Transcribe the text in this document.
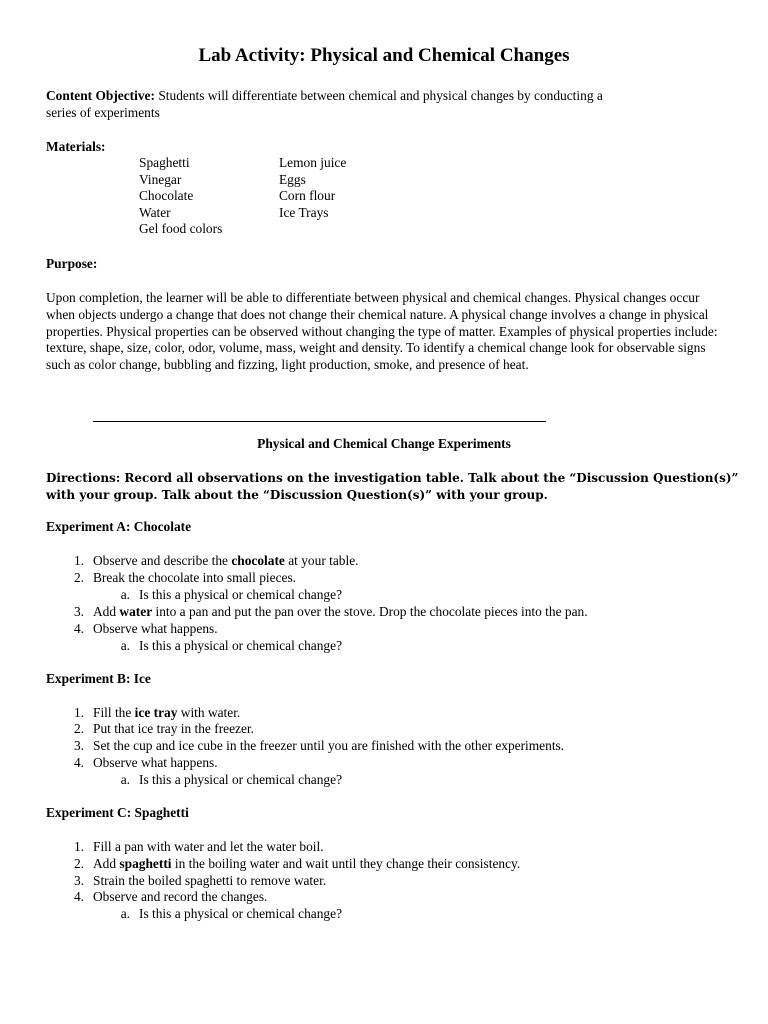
Lab Activity: Physical and Chemical Changes
Content Objective: Students will differentiate between chemical and physical changes by conducting a
series of experiments
Materials:
Spaghetti
Vinegar
Chocolate
Water
Gel food colors
Lemon juice
Eggs
Corn flour
Ice Trays
Purpose:
Upon completion, the learner will be able to differentiate between physical and chemical changes. Physical changes occur when objects undergo a change that does not change their chemical nature. A physical change involves a change in physical properties. Physical properties can be observed without changing the type of matter. Examples of physical properties include: texture, shape, size, color, odor, volume, mass, weight and density. To identify a chemical change look for observable signs such as color change, bubbling and fizzing, light production, smoke, and presence of heat.
Physical and Chemical Change Experiments
Directions: Record all observations on the investigation table. Talk about the “Discussion Question(s)” with your group. Talk about the “Discussion Question(s)” with your group.
Experiment A: Chocolate
1. Observe and describe the chocolate at your table.
2. Break the chocolate into small pieces.
a. Is this a physical or chemical change?
3. Add water into a pan and put the pan over the stove. Drop the chocolate pieces into the pan.
4. Observe what happens.
a. Is this a physical or chemical change?
Experiment B: Ice
1. Fill the ice tray with water.
2. Put that ice tray in the freezer.
3. Set the cup and ice cube in the freezer until you are finished with the other experiments.
4. Observe what happens.
a. Is this a physical or chemical change?
Experiment C: Spaghetti
1. Fill a pan with water and let the water boil.
2. Add spaghetti in the boiling water and wait until they change their consistency.
3. Strain the boiled spaghetti to remove water.
4. Observe and record the changes.
a. Is this a physical or chemical change?
